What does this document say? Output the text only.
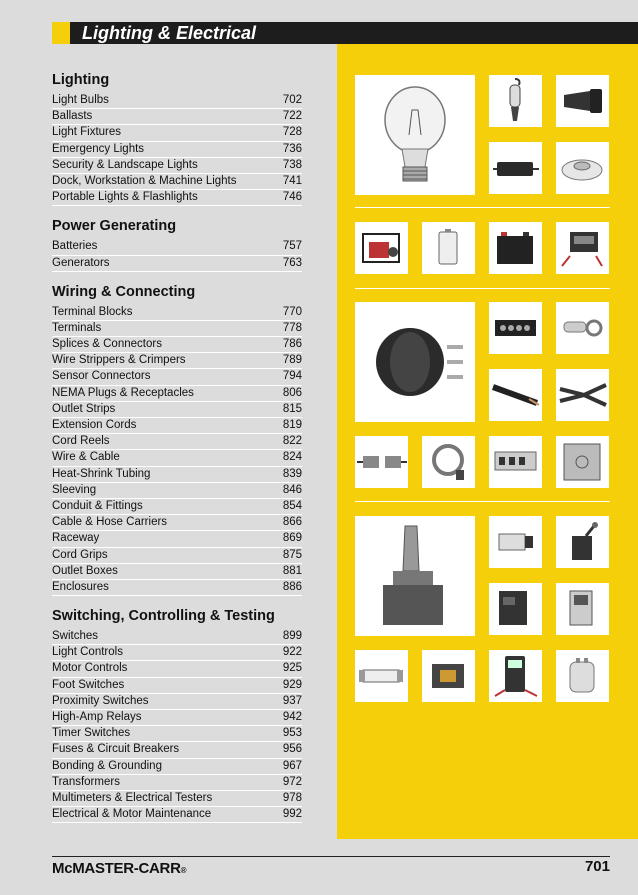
Lighting & Electrical
Lighting
Light Bulbs	702
Ballasts	722
Light Fixtures	728
Emergency Lights	736
Security & Landscape Lights	738
Dock, Workstation & Machine Lights	741
Portable Lights & Flashlights	746
Power Generating
Batteries	757
Generators	763
Wiring & Connecting
Terminal Blocks	770
Terminals	778
Splices & Connectors	786
Wire Strippers & Crimpers	789
Sensor Connectors	794
NEMA Plugs & Receptacles	806
Outlet Strips	815
Extension Cords	819
Cord Reels	822
Wire & Cable	824
Heat-Shrink Tubing	839
Sleeving	846
Conduit & Fittings	854
Cable & Hose Carriers	866
Raceway	869
Cord Grips	875
Outlet Boxes	881
Enclosures	886
Switching, Controlling & Testing
Switches	899
Light Controls	922
Motor Controls	925
Foot Switches	929
Proximity Switches	937
High-Amp Relays	942
Timer Switches	953
Fuses & Circuit Breakers	956
Bonding & Grounding	967
Transformers	972
Multimeters & Electrical Testers	978
Electrical & Motor Maintenance	992
McMASTER-CARR®	701
